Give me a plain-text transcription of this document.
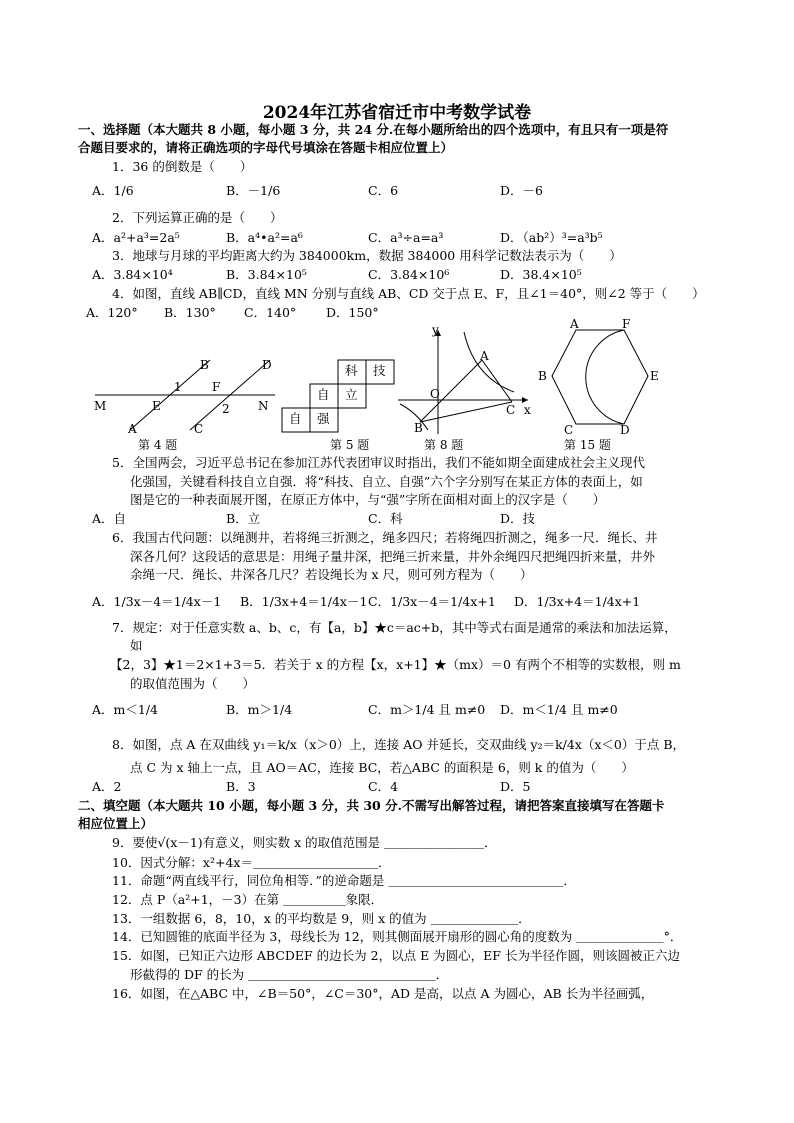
2024年江苏省宿迁市中考数学试卷
一、选择题（本大题共 8 小题，每小题 3 分，共 24 分.在每小题所给出的四个选项中，有且只有一项是符
合题目要求的，请将正确选项的字母代号填涂在答题卡相应位置上）
1．36 的倒数是（　　）
A．1/6	B．－1/6	C．6	D．－6
2．下列运算正确的是（　　）
A．a²+a³=2a⁵	B．a⁴•a²=a⁶	C．a³÷a=a³	D．（ab²）³=a³b⁵
3．地球与月球的平均距离大约为 384000km，数据 384000 用科学记数法表示为（　　）
A．3.84×10⁴	B．3.84×10⁵	C．3.84×10⁶	D．38.4×10⁵
4．如图，直线 AB∥CD，直线 MN 分别与直线 AB、CD 交于点 E、F，且∠1＝40°，则∠2 等于（　　）
A．120° B．130° C．140° D．150°
M	N
E
F
B	D
A	C
1
2
第 4 题
科 技
自 立
自 强
第 5 题
y
x
O
A
B
C
第 8 题
A	F
B	E
C	D
第 15 题
5．全国两会，习近平总书记在参加江苏代表团审议时指出，我们不能如期全面建成社会主义现代
化强国，关键看科技自立自强．将“科技、自立、自强”六个字分别写在某正方体的表面上，如
图是它的一种表面展开图，在原正方体中，与“强”字所在面相对面上的汉字是（　　）
A．自	B．立	C．科	D．技
6．我国古代问题：以绳测井，若将绳三折测之，绳多四尺；若将绳四折测之，绳多一尺．绳长、井
深各几何？这段话的意思是：用绳子量井深，把绳三折来量，井外余绳四尺把绳四折来量，井外
余绳一尺．绳长、井深各几尺？若设绳长为 x 尺，则可列方程为（　　）
A．1/3x－4＝1/4x－1 B．1/3x+4＝1/4x－1 C．1/3x－4＝1/4x+1 D．1/3x+4＝1/4x+1
7．规定：对于任意实数 a、b、c，有【a，b】★c＝ac+b，其中等式右面是通常的乘法和加法运算，
如
【2，3】★1＝2×1+3＝5．若关于 x 的方程【x，x+1】★（mx）＝0 有两个不相等的实数根，则 m
的取值范围为（　　）
A．m＜1/4	B．m＞1/4	C．m＞1/4 且 m≠0 D．m＜1/4 且 m≠0
8．如图，点 A 在双曲线 y₁＝k/x（x＞0）上，连接 AO 并延长，交双曲线 y₂＝k/4x（x＜0）于点 B，
点 C 为 x 轴上一点，且 AO＝AC，连接 BC，若△ABC 的面积是 6，则 k 的值为（　　）
A．2	B．3	C．4	D．5
二、填空题（本大题共 10 小题，每小题 3 分，共 30 分.不需写出解答过程，请把答案直接填写在答题卡
相应位置上）
9．要使√(x－1)有意义，则实数 x 的取值范围是 ＿＿＿＿＿＿＿＿．
10．因式分解：x²+4x＝＿＿＿＿＿＿＿＿＿＿．
11．命题“两直线平行，同位角相等．”的逆命题是 ＿＿＿＿＿＿＿＿＿＿＿＿＿＿．
12．点 P（a²+1，－3）在第 ＿＿＿＿＿象限．
13．一组数据 6，8，10，x 的平均数是 9，则 x 的值为 ＿＿＿＿＿＿＿．
14．已知圆锥的底面半径为 3，母线长为 12，则其侧面展开扇形的圆心角的度数为 ＿＿＿＿＿＿＿°．
15．如图，已知正六边形 ABCDEF 的边长为 2，以点 E 为圆心，EF 长为半径作圆，则该圆被正六边
形截得的 DF 的长为 ＿＿＿＿＿＿＿＿＿＿＿＿＿＿＿．
16．如图，在△ABC 中，∠B＝50°，∠C＝30°，AD 是高，以点 A 为圆心，AB 长为半径画弧，
